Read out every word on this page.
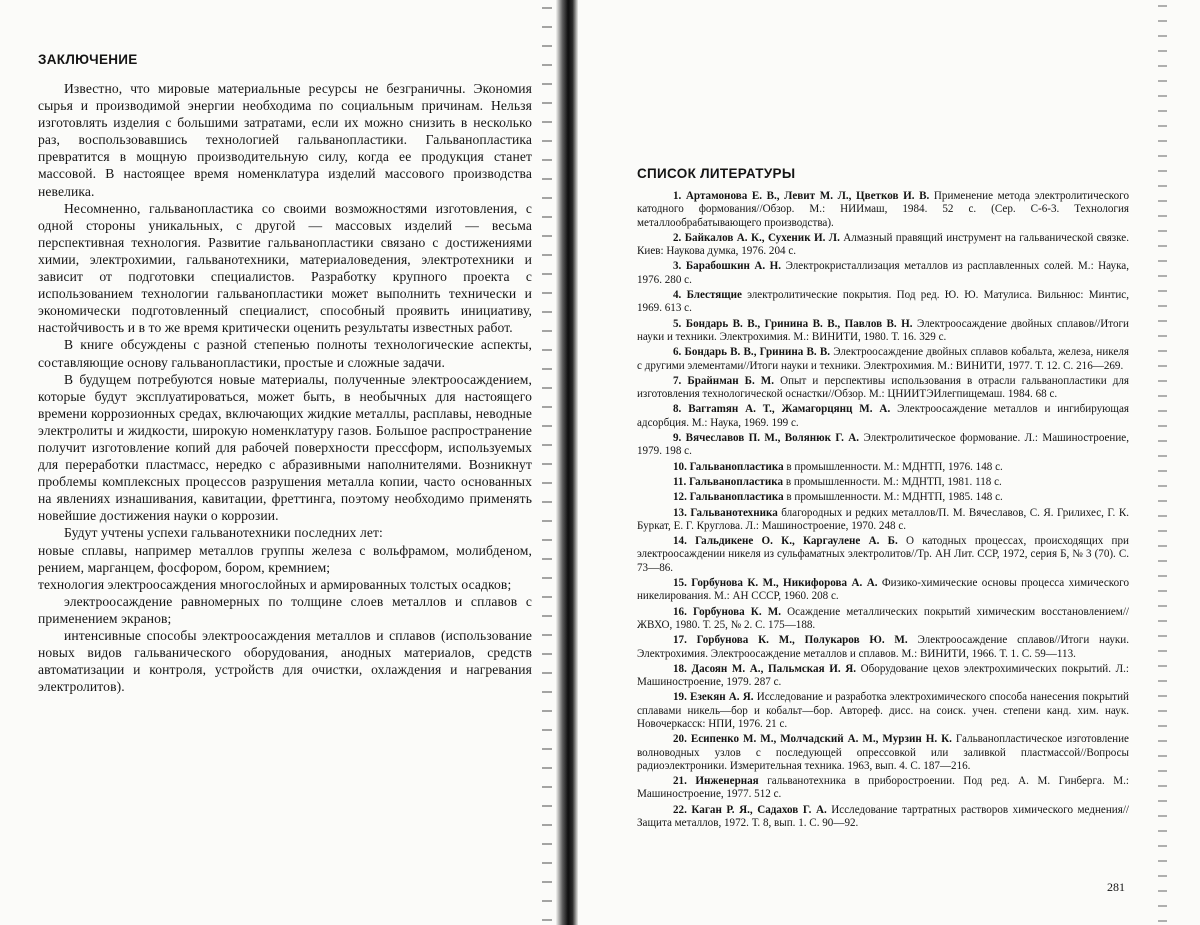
ЗАКЛЮЧЕНИЕ

Известно, что мировые материальные ресурсы не безграничны. Экономия сырья и производимой энергии необходима по социальным причинам. Нельзя изготовлять изделия с большими затратами, если их можно снизить в несколько раз, воспользовавшись технологией гальванопластики. Гальванопластика превратится в мощную производительную силу, когда ее продукция станет массовой. В настоящее время номенклатура изделий массового производства невелика.

Несомненно, гальванопластика со своими возможностями изготовления, с одной стороны уникальных, с другой — массовых изделий — весьма перспективная технология. Развитие гальванопластики связано с достижениями химии, электрохимии, гальванотехники, материаловедения, электротехники и зависит от подготовки специалистов. Разработку крупного проекта с использованием технологии гальванопластики может выполнить технически и экономически подготовленный специалист, способный проявить инициативу, настойчивость и в то же время критически оценить результаты известных работ.

В книге обсуждены с разной степенью полноты технологические аспекты, составляющие основу гальванопластики, простые и сложные задачи.

В будущем потребуются новые материалы, полученные электроосаждением, которые будут эксплуатироваться, может быть, в необычных для настоящего времени коррозионных средах, включающих жидкие металлы, расплавы, неводные электролиты и жидкости, широкую номенклатуру газов. Большое распространение получит изготовление копий для рабочей поверхности прессформ, используемых для переработки пластмасс, нередко с абразивными наполнителями. Возникнут проблемы комплексных процессов разрушения металла копии, часто основанных на явлениях изнашивания, кавитации, фреттинга, поэтому необходимо применять новейшие достижения науки о коррозии.

Будут учтены успехи гальванотехники последних лет:

новые сплавы, например металлов группы железа с вольфрамом, молибденом, рением, марганцем, фосфором, бором, кремнием;

технология электроосаждения многослойных и армированных толстых осадков;

электроосаждение равномерных по толщине слоев металлов и сплавов с применением экранов;

интенсивные способы электроосаждения металлов и сплавов (использование новых видов гальванического оборудования, анодных материалов, средств автоматизации и контроля, устройств для очистки, охлаждения и нагревания электролитов).

СПИСОК ЛИТЕРАТУРЫ

1. Артамонова Е. В., Левит М. Л., Цветков И. В. Применение метода электролитического катодного формования//Обзор. М.: НИИмаш, 1984. 52 с. (Сер. С-6-3. Технология металлообрабатывающего производства).

2. Байкалов А. К., Сухеник И. Л. Алмазный правящий инструмент на гальванической связке. Киев: Наукова думка, 1976. 204 с.

3. Барабошкин А. Н. Электрокристаллизация металлов из расплавленных солей. М.: Наука, 1976. 280 с.

4. Блестящие электролитические покрытия. Под ред. Ю. Ю. Матулиса. Вильнюс: Минтис, 1969. 613 с.

5. Бондарь В. В., Гринина В. В., Павлов В. Н. Электроосаждение двойных сплавов//Итоги науки и техники. Электрохимия. М.: ВИНИТИ, 1980. Т. 16. 329 с.

6. Бондарь В. В., Гринина В. В. Электроосаждение двойных сплавов кобальта, железа, никеля с другими элементами//Итоги науки и техники. Электрохимия. М.: ВИНИТИ, 1977. Т. 12. С. 216—269.

7. Брайнман Б. М. Опыт и перспективы использования в отрасли гальванопластики для изготовления технологической оснастки//Обзор. М.: ЦНИИТЭИлегпищемаш. 1984. 68 с.

8. Вагramян А. Т., Жамагорцянц М. А. Электроосаждение металлов и ингибирующая адсорбция. М.: Наука, 1969. 199 с.

9. Вячеславов П. М., Волянюк Г. А. Электролитическое формование. Л.: Машиностроение, 1979. 198 с.

10. Гальванопластика в промышленности. М.: МДНТП, 1976. 148 с.

11. Гальванопластика в промышленности. М.: МДНТП, 1981. 118 с.

12. Гальванопластика в промышленности. М.: МДНТП, 1985. 148 с.

13. Гальванотехника благородных и редких металлов/П. М. Вячеславов, С. Я. Грилихес, Г. К. Буркат, Е. Г. Круглова. Л.: Машиностроение, 1970. 248 с.

14. Гальдикене О. К., Каргаулене А. Б. О катодных процессах, происходящих при электроосаждении никеля из сульфаматных электролитов//Тр. АН Лит. ССР, 1972, серия Б, № 3 (70). С. 73—86.

15. Горбунова К. М., Никифорова А. А. Физико-химические основы процесса химического никелирования. М.: АН СССР, 1960. 208 с.

16. Горбунова К. М. Осаждение металлических покрытий химическим восстановлением//ЖВХО, 1980. Т. 25, № 2. С. 175—188.

17. Горбунова К. М., Полукаров Ю. М. Электроосаждение сплавов//Итоги науки. Электрохимия. Электроосаждение металлов и сплавов. М.: ВИНИТИ, 1966. Т. 1. С. 59—113.

18. Дасоян М. А., Пальмская И. Я. Оборудование цехов электрохимических покрытий. Л.: Машиностроение, 1979. 287 с.

19. Езекян А. Я. Исследование и разработка электрохимического способа нанесения покрытий сплавами никель—бор и кобальт—бор. Автореф. дисс. на соиск. учен. степени канд. хим. наук. Новочеркасск: НПИ, 1976. 21 с.

20. Есипенко М. М., Молчадский А. М., Мурзин Н. К. Гальванопластическое изготовление волноводных узлов с последующей опрессовкой или заливкой пластмассой//Вопросы радиоэлектроники. Измерительная техника. 1963, вып. 4. С. 187—216.

21. Инженерная гальванотехника в приборостроении. Под ред. А. М. Гинберга. М.: Машиностроение, 1977. 512 с.

22. Каган Р. Я., Садахов Г. А. Исследование тартратных растворов химического меднения//Защита металлов, 1972. Т. 8, вып. 1. С. 90—92.

281
